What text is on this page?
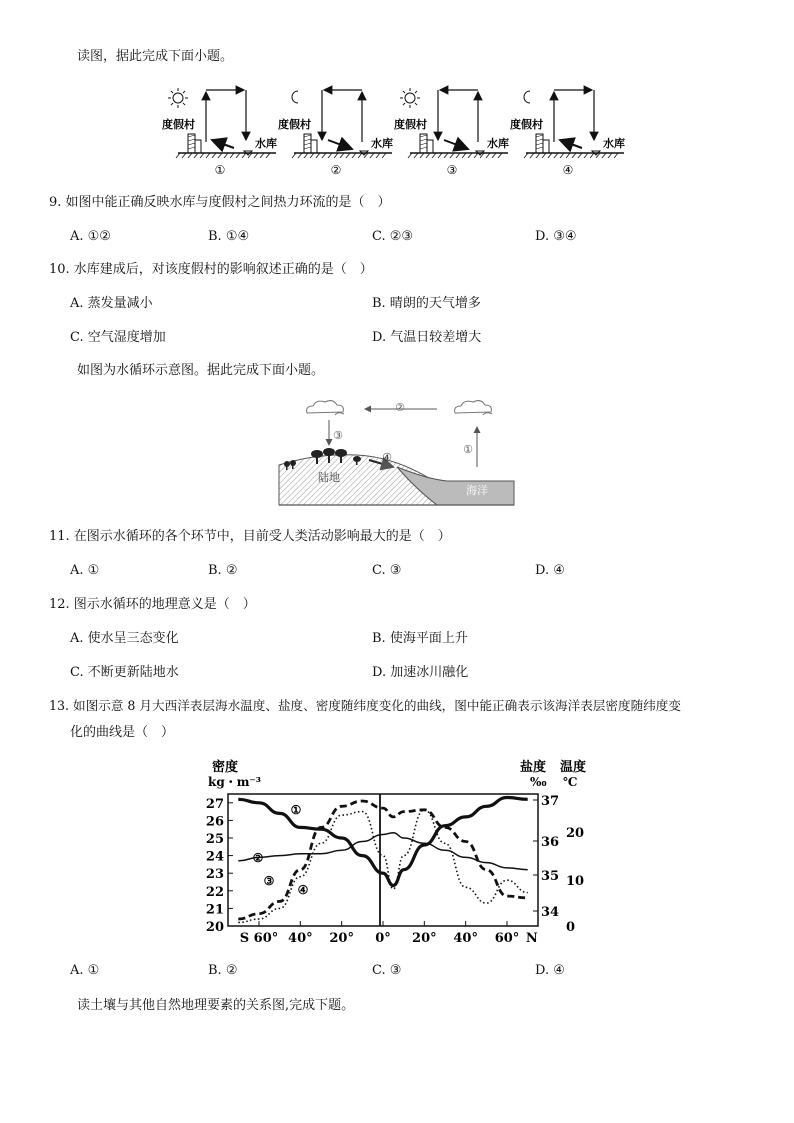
读图，据此完成下面小题。
度假村
水库
①
度假村
水库
②
度假村
水库
③
度假村
水库
④
9. 如图中能正确反映水库与度假村之间热力环流的是（　）
A. ①②	B. ①④	C. ②③	D. ③④
10. 水库建成后，对该度假村的影响叙述正确的是（　）
A. 蒸发量减小	B. 晴朗的天气增多
C. 空气湿度增加	D. 气温日较差增大
如图为水循环示意图。据此完成下面小题。
②
③
①
④
陆地
海洋
11. 在图示水循环的各个环节中，目前受人类活动影响最大的是（　）
A. ①	B. ②	C. ③	D. ④
12. 图示水循环的地理意义是（　）
A. 使水呈三态变化	B. 使海平面上升
C. 不断更新陆地水	D. 加速冰川融化
13. 如图示意 8 月大西洋表层海水温度、盐度、密度随纬度变化的曲线，图中能正确表示该海洋表层密度随纬度变
化的曲线是（　）
密度
kg・m⁻³
盐度
‰
温度
℃
27
26
25
24
23
22
21
20
37
36
35
34
20
10
0
S 60° 40° 20° 0° 20° 40° 60° N
①
②
③
④
A. ①	B. ②	C. ③	D. ④
读土壤与其他自然地理要素的关系图,完成下题。
